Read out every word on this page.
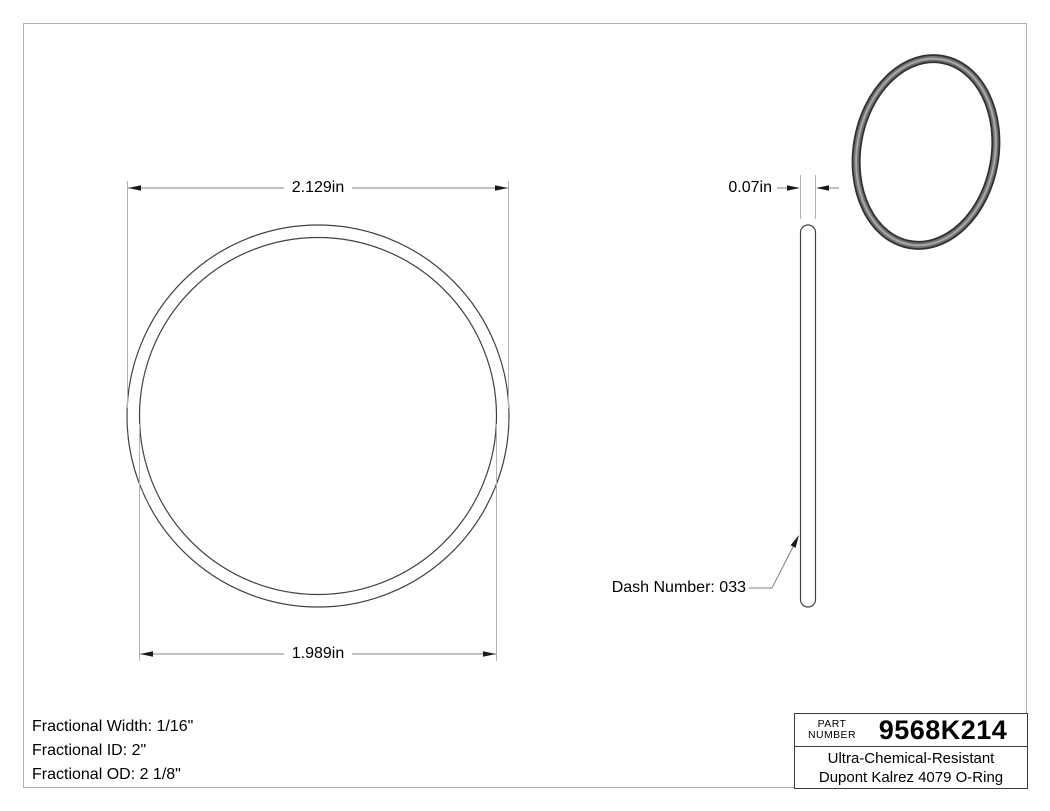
2.129in
1.989in
0.07in
Dash Number: 033
Fractional Width: 1/16"
Fractional ID: 2"
Fractional OD: 2 1/8"
PART
NUMBER 9568K214
Ultra-Chemical-Resistant
Dupont Kalrez 4079 O-Ring
